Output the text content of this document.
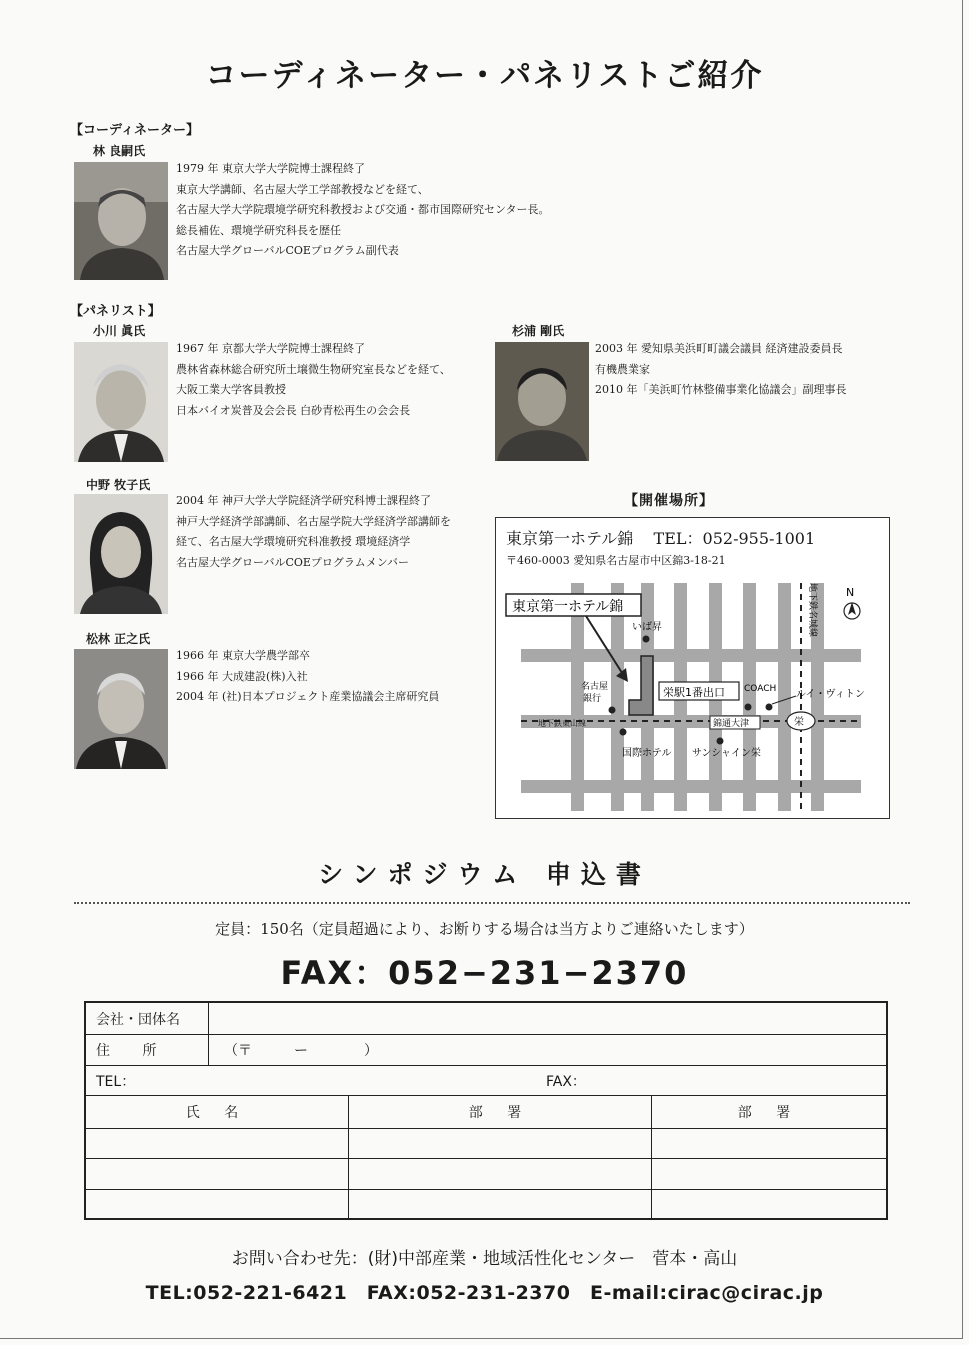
コーディネーター・パネリストご紹介
【コーディネーター】
林 良嗣氏
1979 年 東京大学大学院博士課程終了
東京大学講師、名古屋大学工学部教授などを経て、
名古屋大学大学院環境学研究科教授および交通・都市国際研究センター長。
総長補佐、環境学研究科長を歴任
名古屋大学グローバルCOEプログラム副代表
【パネリスト】
小川 眞氏
1967 年 京都大学大学院博士課程終了
農林省森林総合研究所土壌微生物研究室長などを経て、
大阪工業大学客員教授
日本バイオ炭普及会会長 白砂青松再生の会会長
杉浦 剛氏
2003 年 愛知県美浜町町議会議員 経済建設委員長
有機農業家
2010 年「美浜町竹林整備事業化協議会」副理事長
中野 牧子氏
2004 年 神戸大学大学院経済学研究科博士課程終了
神戸大学経済学部講師、名古屋学院大学経済学部講師を
経て、名古屋大学環境研究科准教授 環境経済学
名古屋大学グローバルCOEプログラムメンバー
松林 正之氏
1966 年 東京大学農学部卒
1966 年 大成建設(株)入社
2004 年 (社)日本プロジェクト産業協議会主席研究員
【開催場所】
東京第一ホテル錦 TEL：052-955-1001
〒460-0003 愛知県名古屋市中区錦3-18-21
東京第一ホテル錦
いば昇
名古屋
銀行	栄駅1番出口 COACH ルイ・ヴィトン
錦通大津	栄
地下鉄東山線
地下鉄名城線
国際ホテル サンシャイン栄
N
シンポジウム 申込書
定員：150名（定員超過により、お断りする場合は当方よりご連絡いたします）
FAX：052−231−2370
会社・団体名
住 所	（〒　　　ー　　　　）
TEL：	FAX：
氏 名	部 署	部 署
お問い合わせ先：(財)中部産業・地域活性化センター　菅本・高山
TEL:052-221-6421　FAX:052-231-2370　E-mail:cirac@cirac.jp
